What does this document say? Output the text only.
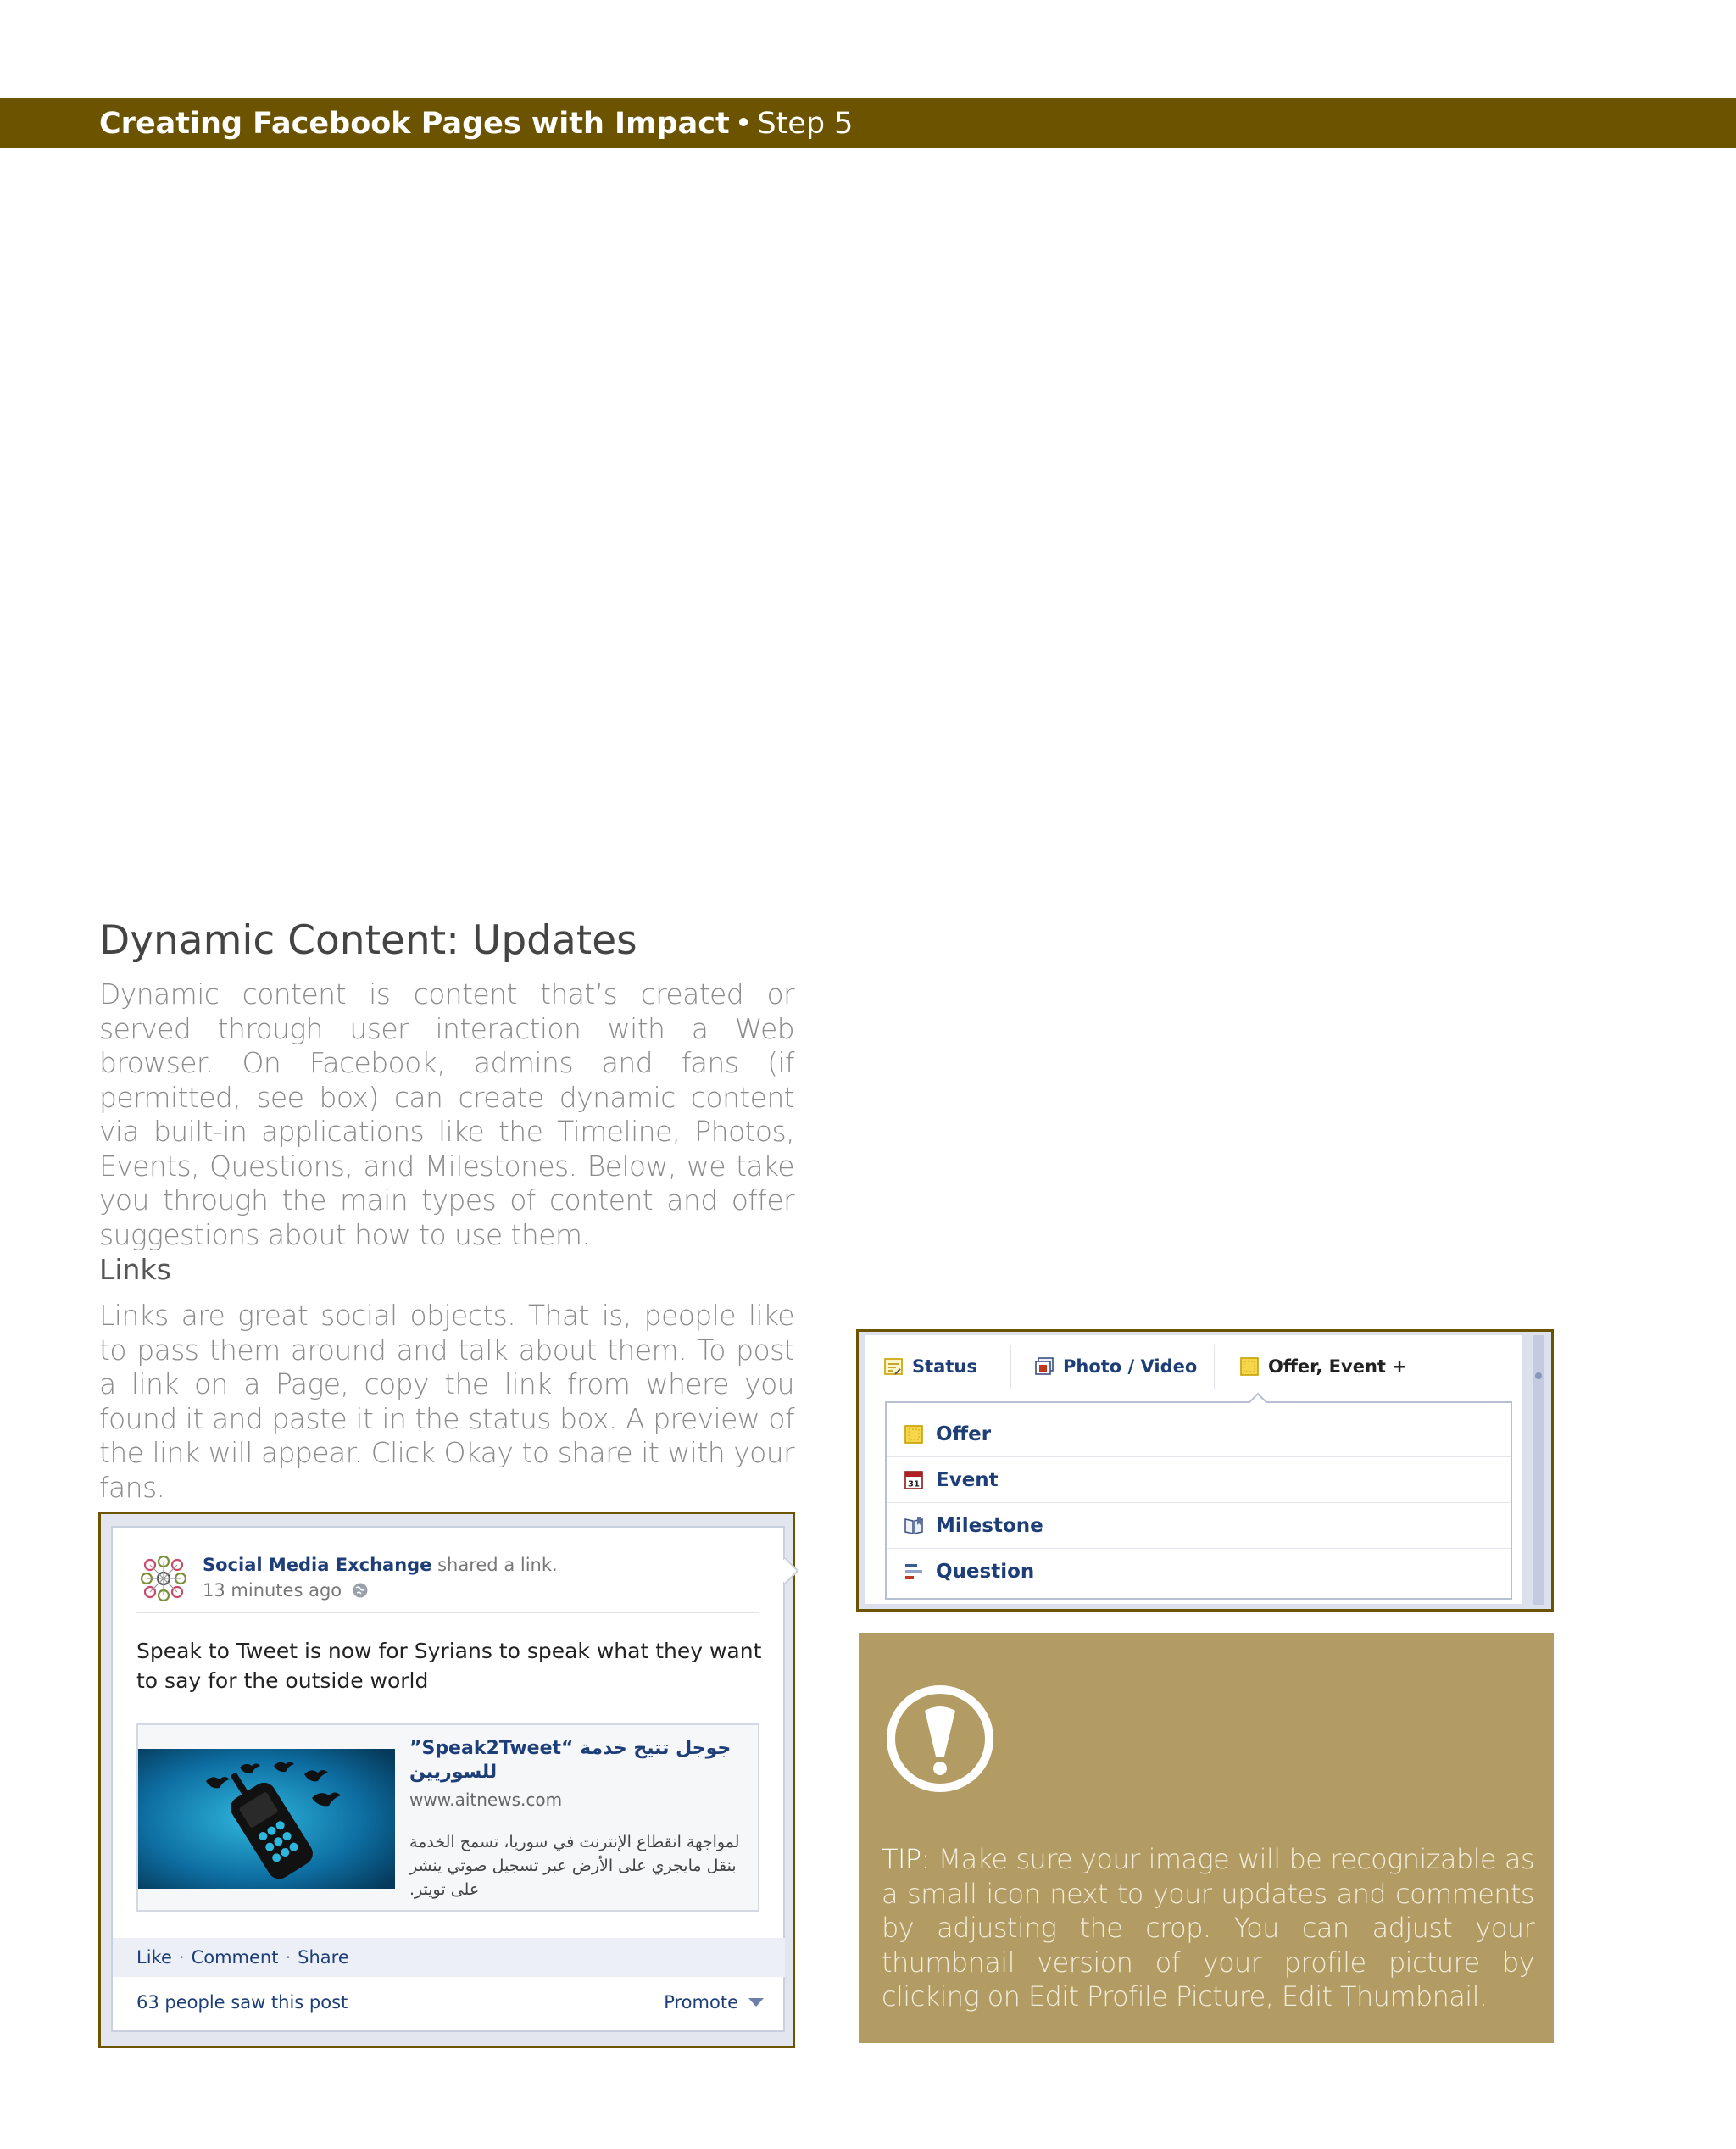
Creating Facebook Pages with Impact • Step 5
Dynamic Content: Updates

Dynamic content is content that’s created or served through user interaction with a Web browser. On Facebook, admins and fans (if permitted, see box) can create dynamic content via built-in applications like the Timeline, Photos, Events, Questions, and Milestones. Below, we take you through the main types of content and offer suggestions about how to use them.

Links

Links are great social objects. That is, people like to pass them around and talk about them. To post a link on a Page, copy the link from where you found it and paste it in the status box. A preview of the link will appear. Click Okay to share it with your fans.

Social Media Exchange shared a link.
13 minutes ago
Speak to Tweet is now for Syrians to speak what they want to say for the outside world
جوجل تتيح خدمة “Speak2Tweet” للسوريين
www.aitnews.com
لمواجهة انقطاع الإنترنت في سوريا، تسمح الخدمة بنقل مايجري على الأرض عبر تسجيل صوتي ينشر على تويتر.
Like · Comment · Share
63 people saw this post	Promote
Status	Photo / Video	Offer, Event +
Offer
31 Event
Milestone
Question

TIP: Make sure your image will be recognizable as a small icon next to your updates and comments by adjusting the crop. You can adjust your thumbnail version of your profile picture by clicking on Edit Profile Picture, Edit Thumbnail.
